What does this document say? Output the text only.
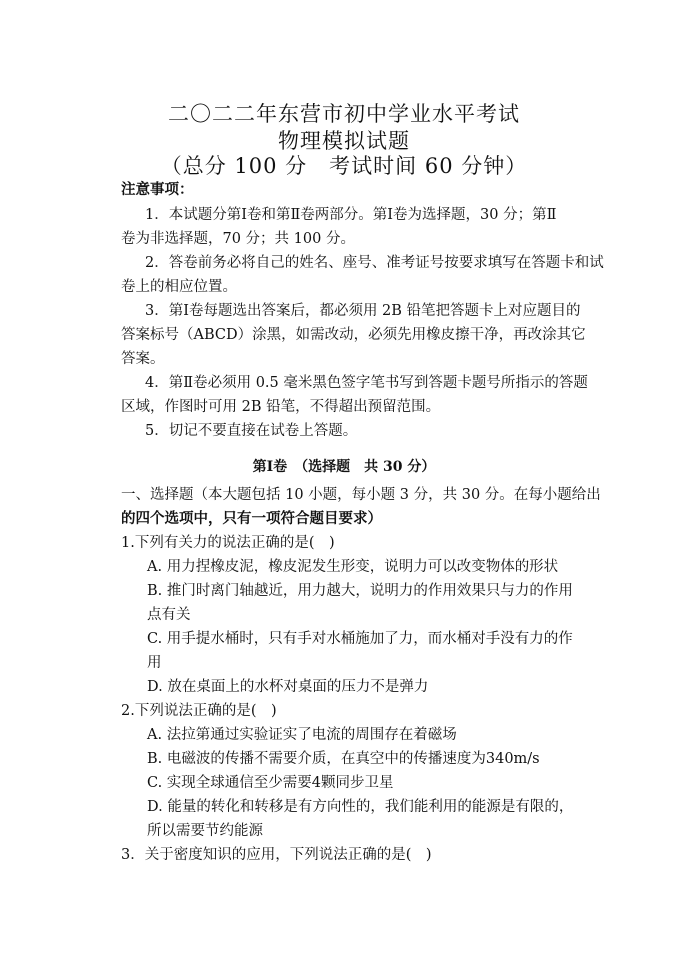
二〇二二年东营市初中学业水平考试
物理模拟试题
（总分 100 分　考试时间 60 分钟）
注意事项：
1．本试题分第Ⅰ卷和第Ⅱ卷两部分。第Ⅰ卷为选择题，30 分；第Ⅱ
卷为非选择题，70 分；共 100 分。
2．答卷前务必将自己的姓名、座号、准考证号按要求填写在答题卡和试
卷上的相应位置。
3．第Ⅰ卷每题选出答案后，都必须用 2B 铅笔把答题卡上对应题目的
答案标号（ABCD）涂黑，如需改动，必须先用橡皮擦干净，再改涂其它
答案。
4．第Ⅱ卷必须用 0.5 毫米黑色签字笔书写到答题卡题号所指示的答题
区域，作图时可用 2B 铅笔，不得超出预留范围。
5．切记不要直接在试卷上答题。
第Ⅰ卷　（选择题　共 30 分）
一、选择题（本大题包括 10 小题，每小题 3 分，共 30 分。在每小题给出
的四个选项中，只有一项符合题目要求）
1.下列有关力的说法正确的是(　)
A. 用力捏橡皮泥，橡皮泥发生形变，说明力可以改变物体的形状
B. 推门时离门轴越近，用力越大，说明力的作用效果只与力的作用
点有关
C. 用手提水桶时，只有手对水桶施加了力，而水桶对手没有力的作
用
D. 放在桌面上的水杯对桌面的压力不是弹力
2.下列说法正确的是(　)
A. 法拉第通过实验证实了电流的周围存在着磁场
B. 电磁波的传播不需要介质，在真空中的传播速度为340m/s
C. 实现全球通信至少需要4颗同步卫星
D. 能量的转化和转移是有方向性的，我们能利用的能源是有限的，
所以需要节约能源
3．关于密度知识的应用，下列说法正确的是(　)
